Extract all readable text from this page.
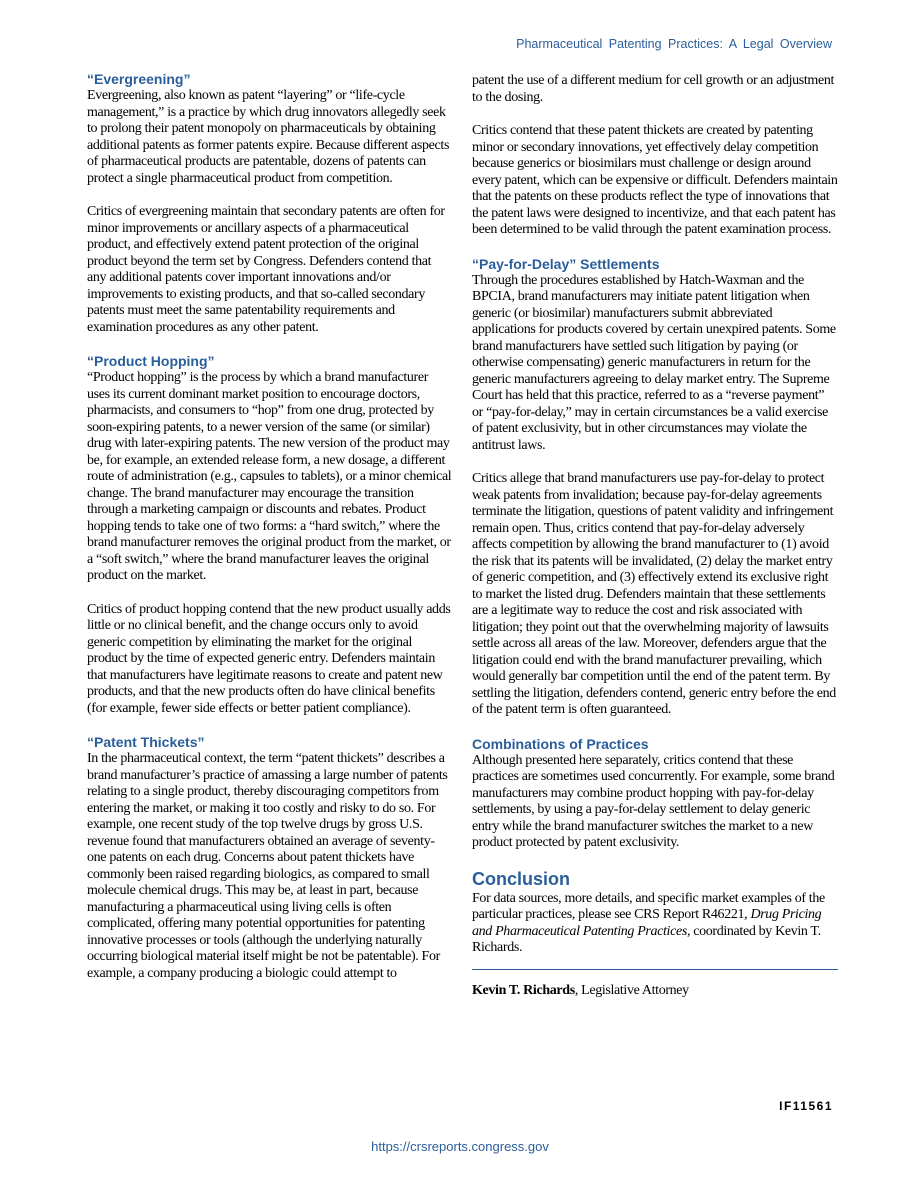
Pharmaceutical Patenting Practices: A Legal Overview
“Evergreening”

Evergreening, also known as patent “layering” or “life-cycle management,” is a practice by which drug innovators allegedly seek to prolong their patent monopoly on pharmaceuticals by obtaining additional patents as former patents expire. Because different aspects of pharmaceutical products are patentable, dozens of patents can protect a single pharmaceutical product from competition.

Critics of evergreening maintain that secondary patents are often for minor improvements or ancillary aspects of a pharmaceutical product, and effectively extend patent protection of the original product beyond the term set by Congress. Defenders contend that any additional patents cover important innovations and/or improvements to existing products, and that so-called secondary patents must meet the same patentability requirements and examination procedures as any other patent.

“Product Hopping”

“Product hopping” is the process by which a brand manufacturer uses its current dominant market position to encourage doctors, pharmacists, and consumers to “hop” from one drug, protected by soon-expiring patents, to a newer version of the same (or similar) drug with later-expiring patents. The new version of the product may be, for example, an extended release form, a new dosage, a different route of administration (e.g., capsules to tablets), or a minor chemical change. The brand manufacturer may encourage the transition through a marketing campaign or discounts and rebates. Product hopping tends to take one of two forms: a “hard switch,” where the brand manufacturer removes the original product from the market, or a “soft switch,” where the brand manufacturer leaves the original product on the market.

Critics of product hopping contend that the new product usually adds little or no clinical benefit, and the change occurs only to avoid generic competition by eliminating the market for the original product by the time of expected generic entry. Defenders maintain that manufacturers have legitimate reasons to create and patent new products, and that the new products often do have clinical benefits (for example, fewer side effects or better patient compliance).

“Patent Thickets”

In the pharmaceutical context, the term “patent thickets” describes a brand manufacturer’s practice of amassing a large number of patents relating to a single product, thereby discouraging competitors from entering the market, or making it too costly and risky to do so. For example, one recent study of the top twelve drugs by gross U.S. revenue found that manufacturers obtained an average of seventy-one patents on each drug. Concerns about patent thickets have commonly been raised regarding biologics, as compared to small molecule chemical drugs. This may be, at least in part, because manufacturing a pharmaceutical using living cells is often complicated, offering many potential opportunities for patenting innovative processes or tools (although the underlying naturally occurring biological material itself might be not be patentable). For example, a company producing a biologic could attempt to

patent the use of a different medium for cell growth or an adjustment to the dosing.

Critics contend that these patent thickets are created by patenting minor or secondary innovations, yet effectively delay competition because generics or biosimilars must challenge or design around every patent, which can be expensive or difficult. Defenders maintain that the patents on these products reflect the type of innovations that the patent laws were designed to incentivize, and that each patent has been determined to be valid through the patent examination process.

“Pay-for-Delay” Settlements

Through the procedures established by Hatch-Waxman and the BPCIA, brand manufacturers may initiate patent litigation when generic (or biosimilar) manufacturers submit abbreviated applications for products covered by certain unexpired patents. Some brand manufacturers have settled such litigation by paying (or otherwise compensating) generic manufacturers in return for the generic manufacturers agreeing to delay market entry. The Supreme Court has held that this practice, referred to as a “reverse payment” or “pay-for-delay,” may in certain circumstances be a valid exercise of patent exclusivity, but in other circumstances may violate the antitrust laws.

Critics allege that brand manufacturers use pay-for-delay to protect weak patents from invalidation; because pay-for-delay agreements terminate the litigation, questions of patent validity and infringement remain open. Thus, critics contend that pay-for-delay adversely affects competition by allowing the brand manufacturer to (1) avoid the risk that its patents will be invalidated, (2) delay the market entry of generic competition, and (3) effectively extend its exclusive right to market the listed drug. Defenders maintain that these settlements are a legitimate way to reduce the cost and risk associated with litigation; they point out that the overwhelming majority of lawsuits settle across all areas of the law. Moreover, defenders argue that the litigation could end with the brand manufacturer prevailing, which would generally bar competition until the end of the patent term. By settling the litigation, defenders contend, generic entry before the end of the patent term is often guaranteed.

Combinations of Practices

Although presented here separately, critics contend that these practices are sometimes used concurrently. For example, some brand manufacturers may combine product hopping with pay-for-delay settlements, by using a pay-for-delay settlement to delay generic entry while the brand manufacturer switches the market to a new product protected by patent exclusivity.

Conclusion

For data sources, more details, and specific market examples of the particular practices, please see CRS Report R46221, Drug Pricing and Pharmaceutical Patenting Practices, coordinated by Kevin T. Richards.

Kevin T. Richards, Legislative Attorney
IF11561
https://crsreports.congress.gov
